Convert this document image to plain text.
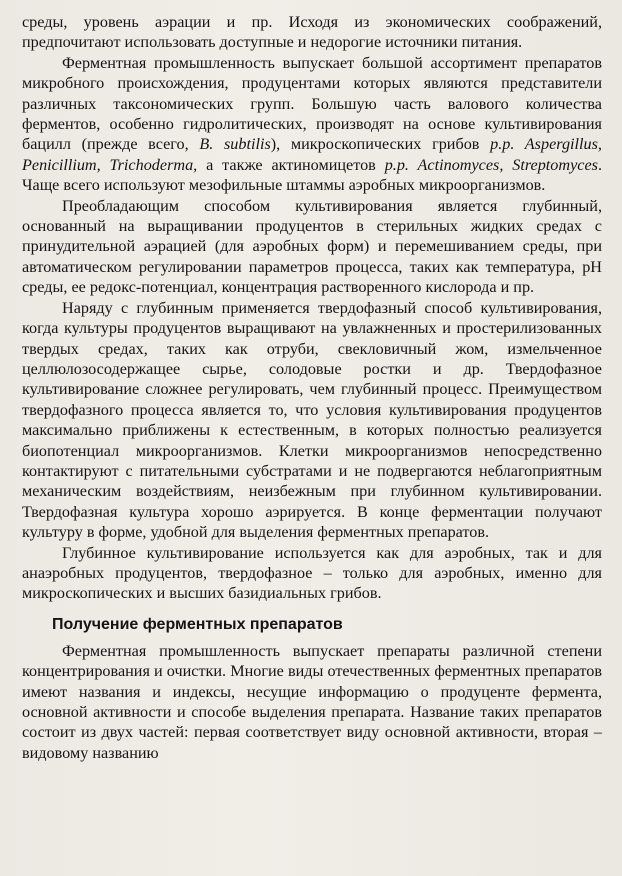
среды, уровень аэрации и пр. Исходя из экономических соображений, предпочитают использовать доступные и недорогие источники питания.

Ферментная промышленность выпускает большой ассортимент препаратов микробного происхождения, продуцентами которых являются представители различных таксономических групп. Большую часть валового количества ферментов, особенно гидролитических, производят на основе культивирования бацилл (прежде всего, B. subtilis), микроскопических грибов p.p. Aspergillus, Penicillium, Trichoderma, а также актиномицетов p.p. Actinomyces, Streptomyces. Чаще всего используют мезофильные штаммы аэробных микроорганизмов.

Преобладающим способом культивирования является глубинный, основанный на выращивании продуцентов в стерильных жидких средах с принудительной аэрацией (для аэробных форм) и перемешиванием среды, при автоматическом регулировании параметров процесса, таких как температура, pH среды, ее редокс-потенциал, концентрация растворенного кислорода и пр.

Наряду с глубинным применяется твердофазный способ культивирования, когда культуры продуцентов выращивают на увлажненных и простерилизованных твердых средах, таких как отруби, свекловичный жом, измельченное целлюлозосодержащее сырье, солодовые ростки и др. Твердофазное культивирование сложнее регулировать, чем глубинный процесс. Преимуществом твердофазного процесса является то, что условия культивирования продуцентов максимально приближены к естественным, в которых полностью реализуется биопотенциал микроорганизмов. Клетки микроорганизмов непосредственно контактируют с питательными субстратами и не подвергаются неблагоприятным механическим воздействиям, неизбежным при глубинном культивировании. Твердофазная культура хорошо аэрируется. В конце ферментации получают культуру в форме, удобной для выделения ферментных препаратов.

Глубинное культивирование используется как для аэробных, так и для анаэробных продуцентов, твердофазное – только для аэробных, именно для микроскопических и высших базидиальных грибов.

Получение ферментных препаратов

Ферментная промышленность выпускает препараты различной степени концентрирования и очистки. Многие виды отечественных ферментных препаратов имеют названия и индексы, несущие информацию о продуценте фермента, основной активности и способе выделения препарата. Название таких препаратов состоит из двух частей: первая соответствует виду основной активности, вторая – видовому названию
